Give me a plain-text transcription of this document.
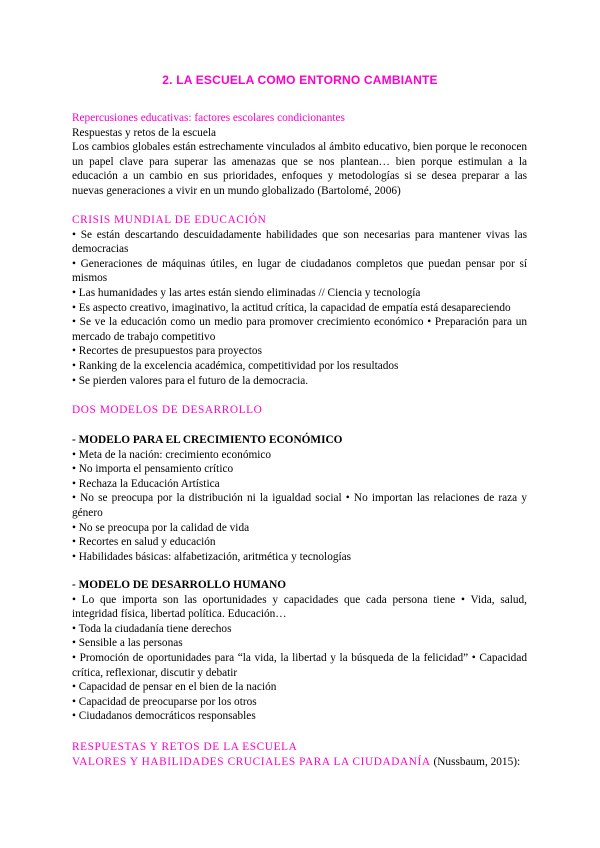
2. LA ESCUELA COMO ENTORNO CAMBIANTE

Repercusiones educativas: factores escolares condicionantes

Respuestas y retos de la escuela

Los cambios globales están estrechamente vinculados al ámbito educativo, bien porque le reconocen un papel clave para superar las amenazas que se nos plantean… bien porque estimulan a la educación a un cambio en sus prioridades, enfoques y metodologías si se desea preparar a las nuevas generaciones a vivir en un mundo globalizado (Bartolomé, 2006)

CRISIS MUNDIAL DE EDUCACIÓN

• Se están descartando descuidadamente habilidades que son necesarias para mantener vivas las democracias

• Generaciones de máquinas útiles, en lugar de ciudadanos completos que puedan pensar por sí mismos

• Las humanidades y las artes están siendo eliminadas // Ciencia y tecnología

• Es aspecto creativo, imaginativo, la actitud crítica, la capacidad de empatía está desapareciendo

• Se ve la educación como un medio para promover crecimiento económico • Preparación para un mercado de trabajo competitivo

• Recortes de presupuestos para proyectos

• Ranking de la excelencia académica, competitividad por los resultados

• Se pierden valores para el futuro de la democracia.

DOS MODELOS DE DESARROLLO

- MODELO PARA EL CRECIMIENTO ECONÓMICO

• Meta de la nación: crecimiento económico

• No importa el pensamiento crítico

• Rechaza la Educación Artística

• No se preocupa por la distribución ni la igualdad social • No importan las relaciones de raza y género

• No se preocupa por la calidad de vida

• Recortes en salud y educación

• Habilidades básicas: alfabetización, aritmética y tecnologías

- MODELO DE DESARROLLO HUMANO

• Lo que importa son las oportunidades y capacidades que cada persona tiene • Vida, salud, integridad física, libertad política. Educación…

• Toda la ciudadanía tiene derechos

• Sensible a las personas

• Promoción de oportunidades para “la vida, la libertad y la búsqueda de la felicidad” • Capacidad crítica, reflexionar, discutir y debatir

• Capacidad de pensar en el bien de la nación

• Capacidad de preocuparse por los otros

• Ciudadanos democráticos responsables

RESPUESTAS Y RETOS DE LA ESCUELA

VALORES Y HABILIDADES CRUCIALES PARA LA CIUDADANÍA (Nussbaum, 2015):
